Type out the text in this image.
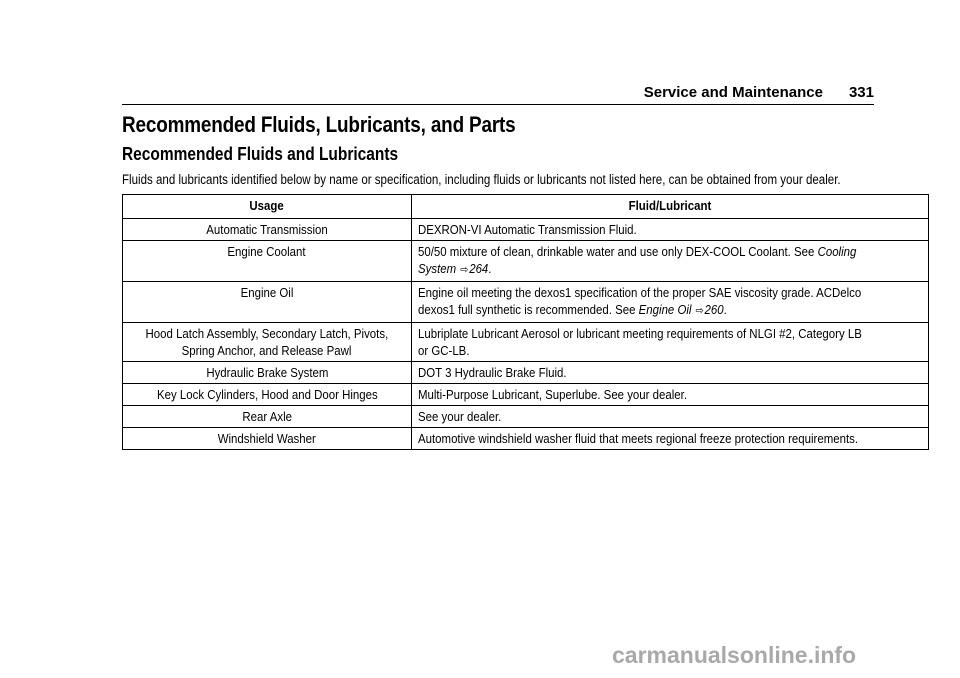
Service and Maintenance 331
Recommended Fluids, Lubricants, and Parts
Recommended Fluids and Lubricants
Fluids and lubricants identified below by name or specification, including fluids or lubricants not listed here, can be obtained from your dealer.
Usage	Fluid/Lubricant
Automatic Transmission	DEXRON-VI Automatic Transmission Fluid.
Engine Coolant	50/50 mixture of clean, drinkable water and use only DEX-COOL Coolant. See Cooling
System ⇨264.
Engine Oil	Engine oil meeting the dexos1 specification of the proper SAE viscosity grade. ACDelco
dexos1 full synthetic is recommended. See Engine Oil ⇨260.
Hood Latch Assembly, Secondary Latch, Pivots,
Spring Anchor, and Release Pawl	Lubriplate Lubricant Aerosol or lubricant meeting requirements of NLGI #2, Category LB
or GC-LB.
Hydraulic Brake System	DOT 3 Hydraulic Brake Fluid.
Key Lock Cylinders, Hood and Door Hinges	Multi-Purpose Lubricant, Superlube. See your dealer.
Rear Axle	See your dealer.
Windshield Washer	Automotive windshield washer fluid that meets regional freeze protection requirements.
carmanualsonline.info
